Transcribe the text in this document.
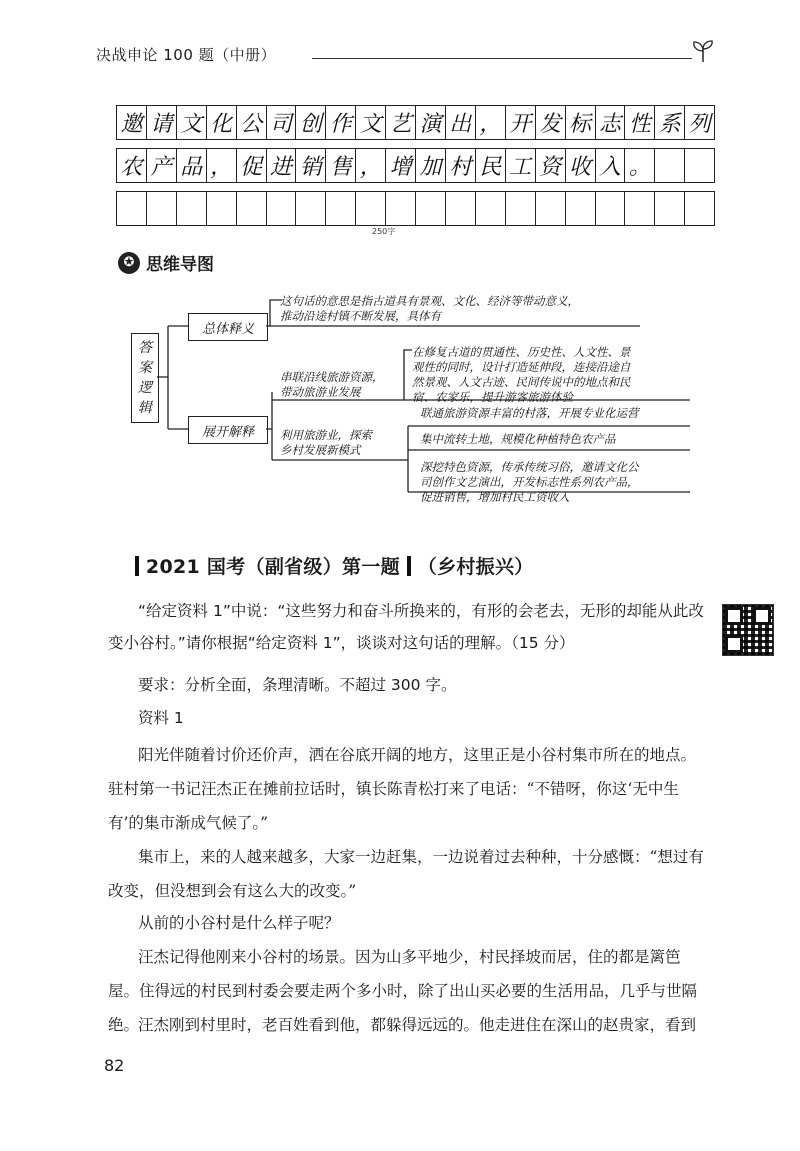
决战申论 100 题（中册）
邀 请 文 化 公 司 创 作 文 艺 演 出 ， 开 发 标 志 性 系 列
农 产 品 ， 促 进 销 售 ， 增 加 村 民 工 资 收 入 。
250字
✪ 思维导图
答
案
逻
辑
总体释义
展开解释
这句话的意思是指古道具有景观、文化、经济等带动意义，
推动沿途村镇不断发展，具体有
串联沿线旅游资源，
带动旅游业发展
利用旅游业，探索
乡村发展新模式
在修复古道的贯通性、历史性、人文性、景
观性的同时，设计打造延伸段，连接沿途自
然景观、人文古迹、民间传说中的地点和民
宿、农家乐，提升游客旅游体验
联通旅游资源丰富的村落，开展专业化运营
集中流转土地，规模化种植特色农产品
深挖特色资源，传承传统习俗，邀请文化公
司创作文艺演出，开发标志性系列农产品，
促进销售，增加村民工资收入
2021 国考（副省级）第一题 （乡村振兴）
“给定资料 1”中说：“这些努力和奋斗所换来的，有形的会老去，无形的却能从此改变小谷村。”请你根据“给定资料 1”，谈谈对这句话的理解。（15 分）
要求：分析全面，条理清晰。不超过 300 字。
资料 1
阳光伴随着讨价还价声，洒在谷底开阔的地方，这里正是小谷村集市所在的地点。驻村第一书记汪杰正在摊前拉话时，镇长陈青松打来了电话：“不错呀，你这‘无中生有’的集市渐成气候了。”
集市上，来的人越来越多，大家一边赶集，一边说着过去种种，十分感慨：“想过有改变，但没想到会有这么大的改变。”
从前的小谷村是什么样子呢？
汪杰记得他刚来小谷村的场景。因为山多平地少，村民择坡而居，住的都是篱笆屋。住得远的村民到村委会要走两个多小时，除了出山买必要的生活用品，几乎与世隔绝。
汪杰刚到村里时，老百姓看到他，都躲得远远的。他走进住在深山的赵贵家，看到
82
